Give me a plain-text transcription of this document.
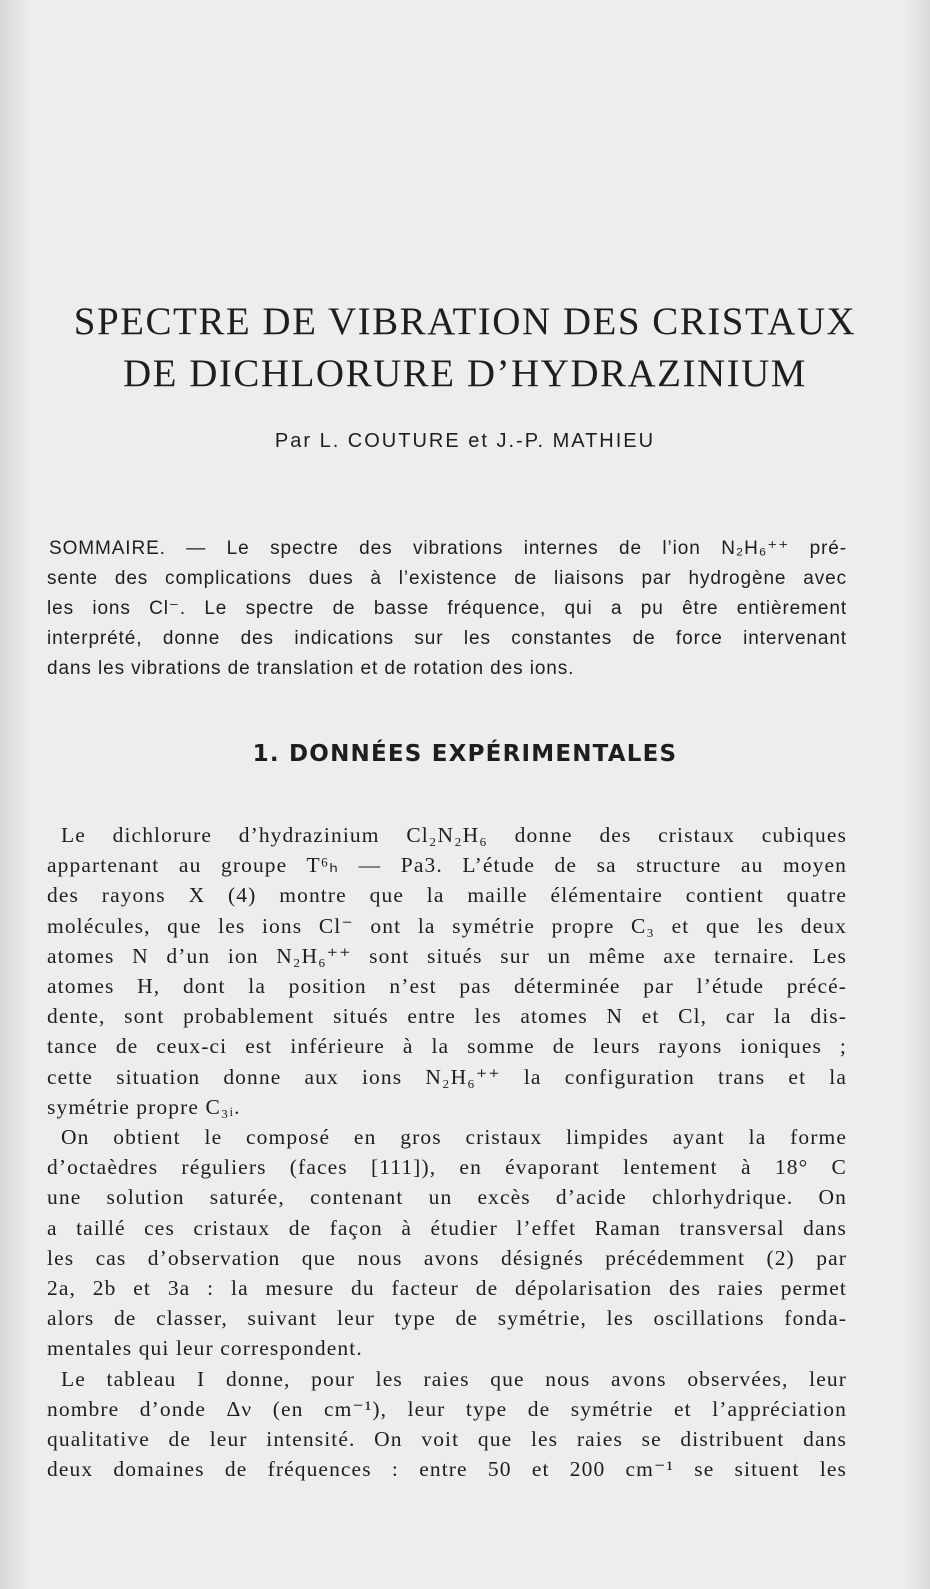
SPECTRE DE VIBRATION DES CRISTAUX
DE DICHLORURE D’HYDRAZINIUM
Par L. COUTURE et J.-P. MATHIEU
SOMMAIRE. — Le spectre des vibrations internes de l’ion N₂H₆⁺⁺ pré-
sente des complications dues à l’existence de liaisons par hydrogène avec
les ions Cl⁻. Le spectre de basse fréquence, qui a pu être entièrement
interprété, donne des indications sur les constantes de force intervenant
dans les vibrations de translation et de rotation des ions.
1. DONNÉES EXPÉRIMENTALES
Le dichlorure d’hydrazinium Cl₂N₂H₆ donne des cristaux cubiques
appartenant au groupe T⁶ₕ — Pa3. L’étude de sa structure au moyen
des rayons X (4) montre que la maille élémentaire contient quatre
molécules, que les ions Cl⁻ ont la symétrie propre C₃ et que les deux
atomes N d’un ion N₂H₆⁺⁺ sont situés sur un même axe ternaire. Les
atomes H, dont la position n’est pas déterminée par l’étude précé-
dente, sont probablement situés entre les atomes N et Cl, car la dis-
tance de ceux-ci est inférieure à la somme de leurs rayons ioniques ;
cette situation donne aux ions N₂H₆⁺⁺ la configuration trans et la
symétrie propre C₃ᵢ.
On obtient le composé en gros cristaux limpides ayant la forme
d’octaèdres réguliers (faces [111]), en évaporant lentement à 18° C
une solution saturée, contenant un excès d’acide chlorhydrique. On
a taillé ces cristaux de façon à étudier l’effet Raman transversal dans
les cas d’observation que nous avons désignés précédemment (2) par
2a, 2b et 3a : la mesure du facteur de dépolarisation des raies permet
alors de classer, suivant leur type de symétrie, les oscillations fonda-
mentales qui leur correspondent.
Le tableau I donne, pour les raies que nous avons observées, leur
nombre d’onde Δν (en cm⁻¹), leur type de symétrie et l’appréciation
qualitative de leur intensité. On voit que les raies se distribuent dans
deux domaines de fréquences : entre 50 et 200 cm⁻¹ se situent les
